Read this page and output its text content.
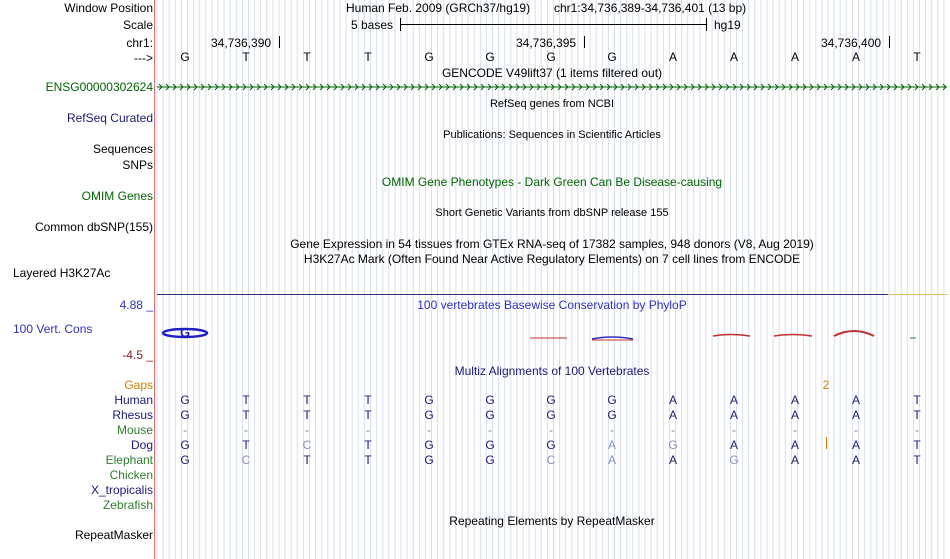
Window Position
Scale
chr1:
--->
Human Feb. 2009 (GRCh37/hg19) chr1:34,736,389-34,736,401 (13 bp)
5 bases	hg19
34,736,390	34,736,395	34,736,400
G	T	T	T	G	G	G	G	A	A	A	A	T
GENCODE V49lift37 (1 items filtered out)
ENSG00000302624
RefSeq genes from NCBI
RefSeq Curated
Publications: Sequences in Scientific Articles
Sequences
SNPs
OMIM Gene Phenotypes - Dark Green Can Be Disease-causing
OMIM Genes
Short Genetic Variants from dbSNP release 155
Common dbSNP(155)
Gene Expression in 54 tissues from GTEx RNA-seq of 17382 samples, 948 donors (V8, Aug 2019)
H3K27Ac Mark (Often Found Near Active Regulatory Elements) on 7 cell lines from ENCODE
Layered H3K27Ac
4.88 _	100 vertebrates Basewise Conservation by PhyloP
100 Vert. Cons
-4.5 _
G
Multiz Alignments of 100 Vertebrates
Gaps	2
Human G	T	T	T	G	G	G	G	A	A	A	A	T
Rhesus G	T	T	T	G	G	G	G	A	A	A	A	T
Mouse	-	-	-	-	-	-	-	-	-	-	-	-	-
Dog G	T	C	T	G	G	G	A	G	A	A	A	T
Elephant G	C	T	T	G	G	C	A	A	G	A	A	T
Chicken
X_tropicalis
Zebrafish
Repeating Elements by RepeatMasker
RepeatMasker
